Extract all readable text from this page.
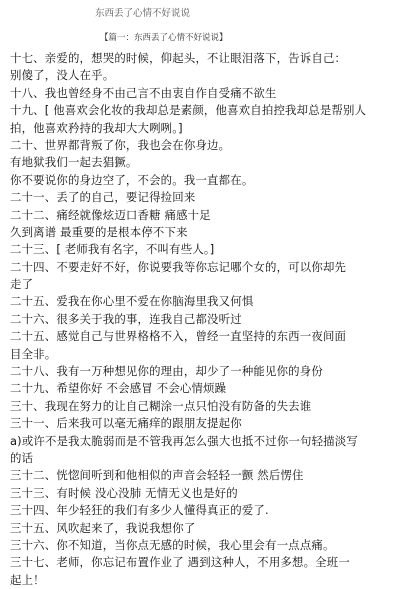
东西丢了心情不好说说
【篇一：东西丢了心情不好说说】
十七、亲爱的，想哭的时候，仰起头，不让眼泪落下，告诉自己：
别傻了，没人在乎。
十八、我也曾经身不由己言不由衷自作自受痛不欲生
十九、[ 他喜欢会化妆的我却总是素颜，他喜欢自拍控我却总是帮别人
拍，他喜欢矜持的我却大大咧咧。]
二十、世界都背叛了你，我也会在你身边。
有地狱我们一起去猖獗。
你不要说你的身边空了，不会的。我一直都在。
二十一、丢了的自己，要记得捡回来
二十二、痛经就像炫迈口香糖 痛感十足
久到离谱 最重要的是根本停不下来
二十三、[ 老师我有名字，不叫有些人。]
二十四、不要走好不好，你说要我等你忘记哪个女的，可以你却先
走了
二十五、爱我在你心里不爱在你脑海里我又何惧
二十六、很多关于我的事，连我自己都没听过
二十五、感觉自己与世界格格不入，曾经一直坚持的东西一夜间面
目全非。
二十八、我有一万种想见你的理由，却少了一种能见你的身份
二十九、希望你好 不会感冒 不会心情烦躁
三十、我现在努力的让自己糊涂一点只怕没有防备的失去谁
三十一、后来我可以毫无痛痒的跟朋友提起你
a)或许不是我太脆弱而是不管我再怎么强大也抵不过你一句轻描淡写
的话
三十二、恍惚间听到和他相似的声音会轻轻一颤 然后愣住
三十三、有时候 没心没肺 无情无义也是好的
三十四、年少轻狂的我们有多少人懂得真正的爱了.
三十五、风吹起来了，我说我想你了
三十六、你不知道，当你点无感的时候，我心里会有一点点痛。
三十七、老师，你忘记布置作业了 遇到这种人，不用多想。全班一
起上！
